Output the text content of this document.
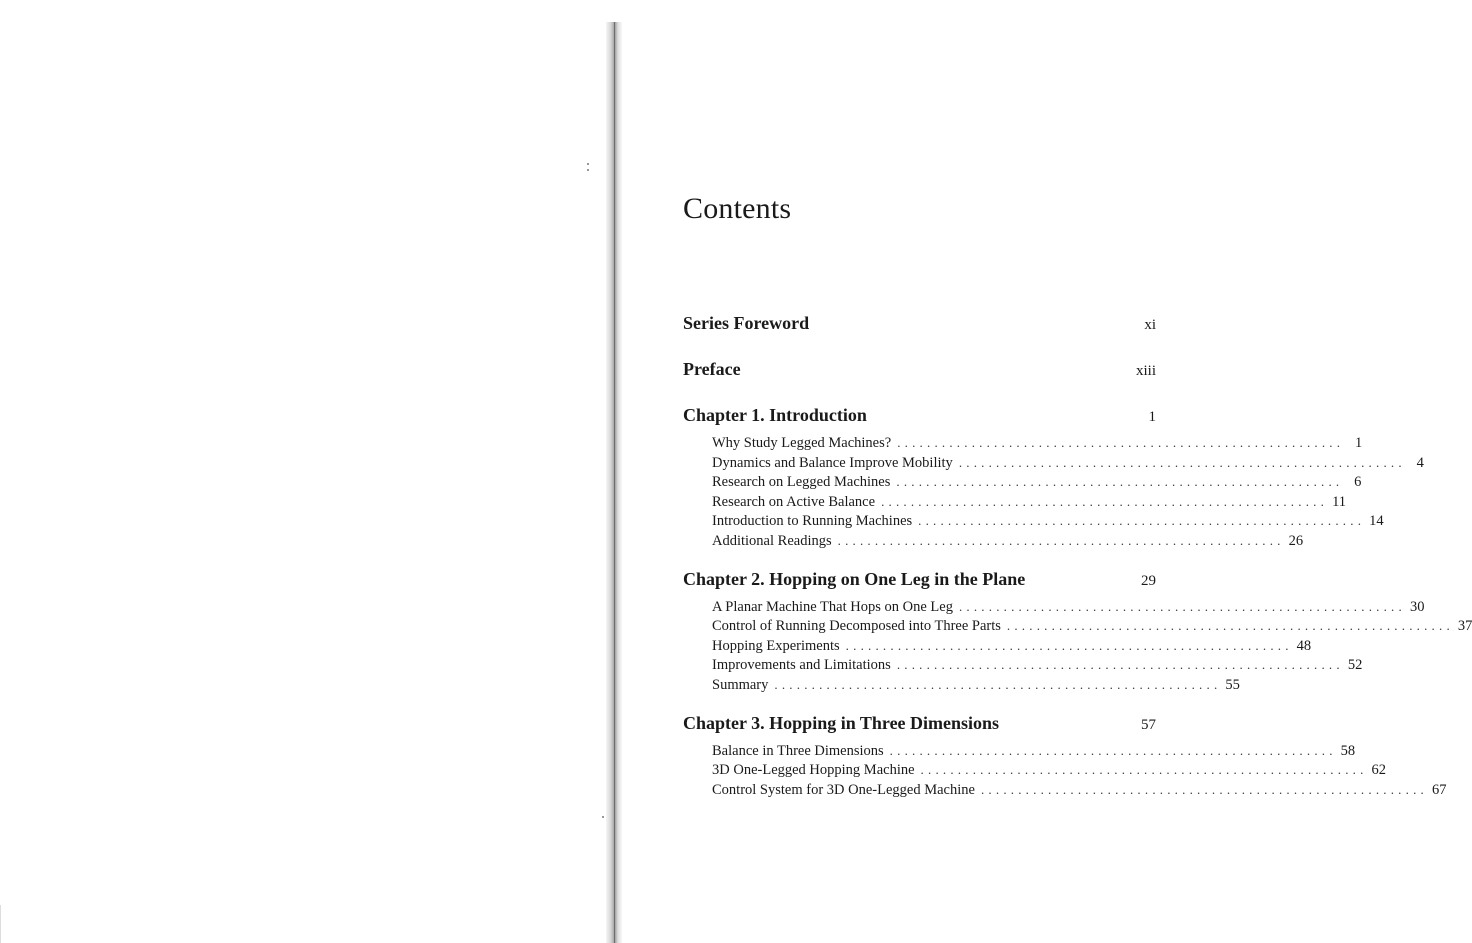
Contents
Series Foreword	xi
Preface	xiii
Chapter 1. Introduction	1
Why Study Legged Machines? ............................................................ 1
Dynamics and Balance Improve Mobility ............................................................ 4
Research on Legged Machines ............................................................ 6
Research on Active Balance ............................................................ 11
Introduction to Running Machines ............................................................ 14
Additional Readings ............................................................ 26
Chapter 2. Hopping on One Leg in the Plane	29
A Planar Machine That Hops on One Leg ............................................................ 30
Control of Running Decomposed into Three Parts ............................................................ 37
Hopping Experiments ............................................................ 48
Improvements and Limitations ............................................................ 52
Summary ............................................................ 55
Chapter 3. Hopping in Three Dimensions	57
Balance in Three Dimensions ............................................................ 58
3D One-Legged Hopping Machine ............................................................ 62
Control System for 3D One-Legged Machine ............................................................ 67
